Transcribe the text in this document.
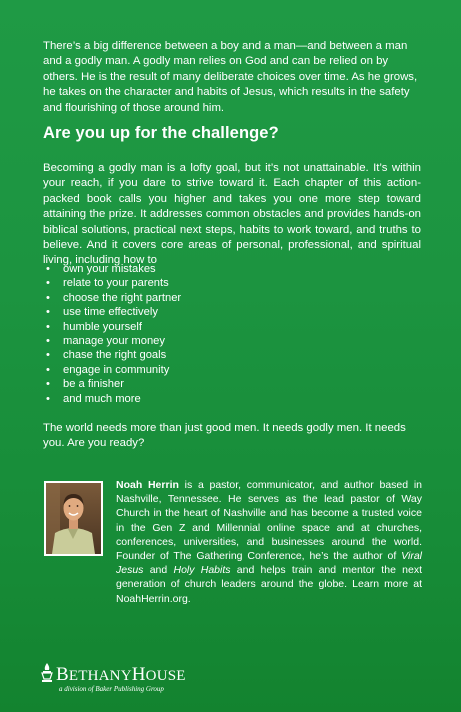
There’s a big difference between a boy and a man—and between a man and a godly man. A godly man relies on God and can be relied on by others. He is the result of many deliberate choices over time. As he grows, he takes on the character and habits of Jesus, which results in the safety and flourishing of those around him.

Are you up for the challenge?

Becoming a godly man is a lofty goal, but it’s not unattainable. It’s within your reach, if you dare to strive toward it. Each chapter of this action-packed book calls you higher and takes you one more step toward attaining the prize. It addresses common obstacles and provides hands-on biblical solutions, practical next steps, habits to work toward, and truths to believe. And it covers core areas of personal, professional, and spiritual living, including how to

• own your mistakes
• relate to your parents
• choose the right partner
• use time effectively
• humble yourself
• manage your money
• chase the right goals
• engage in community
• be a finisher
• and much more

The world needs more than just good men. It needs godly men. It needs you. Are you ready?

Noah Herrin is a pastor, communicator, and author based in Nashville, Tennessee. He serves as the lead pastor of Way Church in the heart of Nashville and has become a trusted voice in the Gen Z and Millennial online space and at churches, conferences, universities, and businesses around the world. Founder of The Gathering Conference, he’s the author of Viral Jesus and Holy Habits and helps train and mentor the next generation of church leaders around the globe. Learn more at NoahHerrin.org.

BETHANYHOUSE
a division of Baker Publishing Group
